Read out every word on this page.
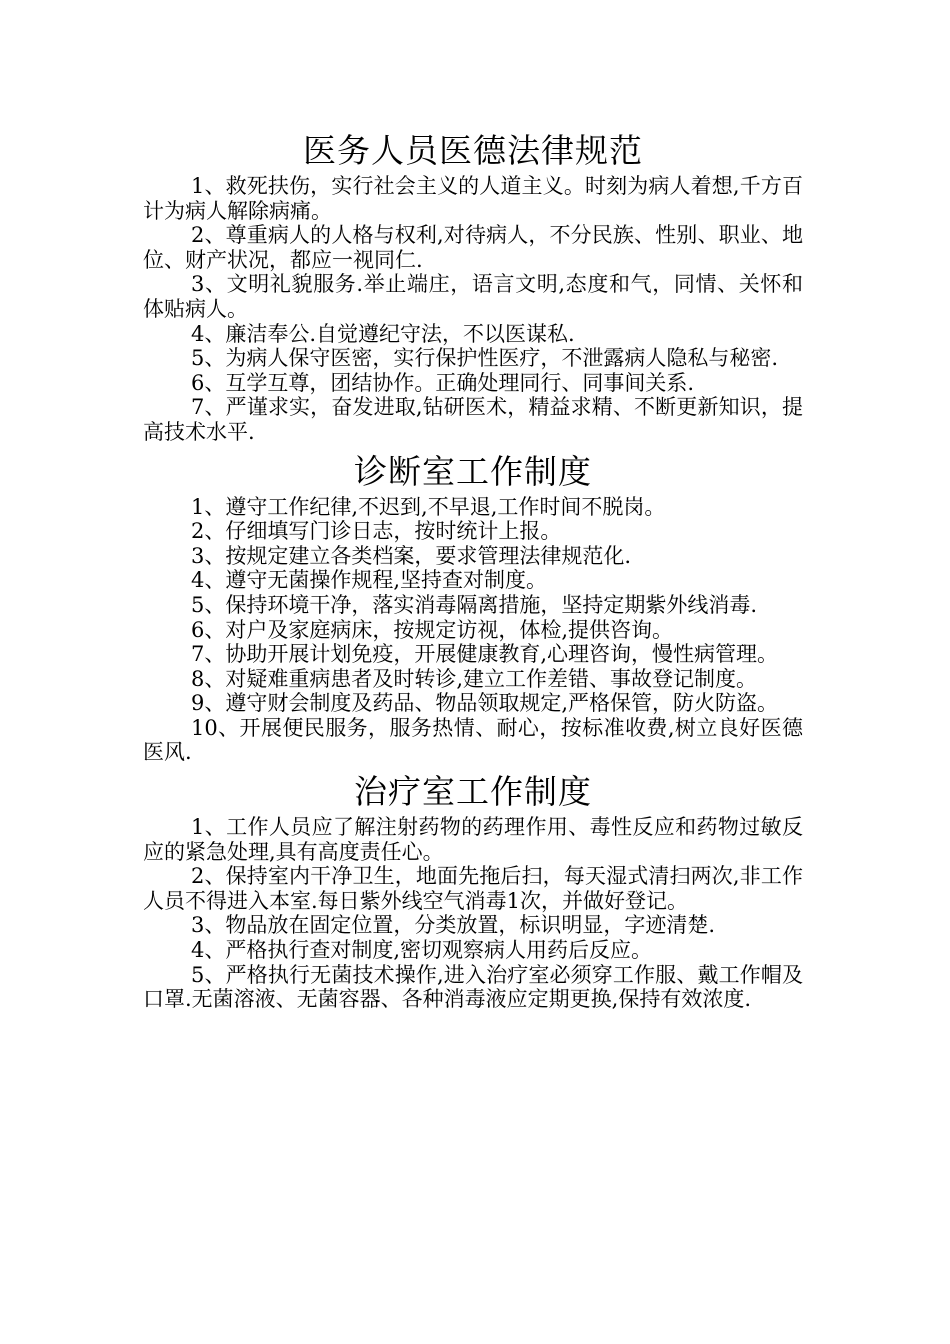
医务人员医德法律规范

1、救死扶伤，实行社会主义的人道主义。时刻为病人着想,千方百计为病人解除病痛。

2、尊重病人的人格与权利,对待病人，不分民族、性别、职业、地位、财产状况，都应一视同仁.

3、文明礼貌服务.举止端庄，语言文明,态度和气，同情、关怀和体贴病人。

4、廉洁奉公.自觉遵纪守法，不以医谋私.

5、为病人保守医密，实行保护性医疗，不泄露病人隐私与秘密.

6、互学互尊，团结协作。正确处理同行、同事间关系.

7、严谨求实，奋发进取,钻研医术，精益求精、不断更新知识，提高技术水平.

诊断室工作制度

1、遵守工作纪律,不迟到,不早退,工作时间不脱岗。

2、仔细填写门诊日志，按时统计上报。

3、按规定建立各类档案，要求管理法律规范化.

4、遵守无菌操作规程,坚持查对制度。

5、保持环境干净，落实消毒隔离措施，坚持定期紫外线消毒.

6、对户及家庭病床，按规定访视，体检,提供咨询。

7、协助开展计划免疫，开展健康教育,心理咨询，慢性病管理。

8、对疑难重病患者及时转诊,建立工作差错、事故登记制度。

9、遵守财会制度及药品、物品领取规定,严格保管，防火防盗。

10、开展便民服务，服务热情、耐心，按标准收费,树立良好医德医风.

治疗室工作制度

1、工作人员应了解注射药物的药理作用、毒性反应和药物过敏反应的紧急处理,具有高度责任心。

2、保持室内干净卫生，地面先拖后扫，每天湿式清扫两次,非工作人员不得进入本室.每日紫外线空气消毒1次，并做好登记。

3、物品放在固定位置，分类放置，标识明显，字迹清楚.

4、严格执行查对制度,密切观察病人用药后反应。

5、严格执行无菌技术操作,进入治疗室必须穿工作服、戴工作帽及口罩.无菌溶液、无菌容器、各种消毒液应定期更换,保持有效浓度.
